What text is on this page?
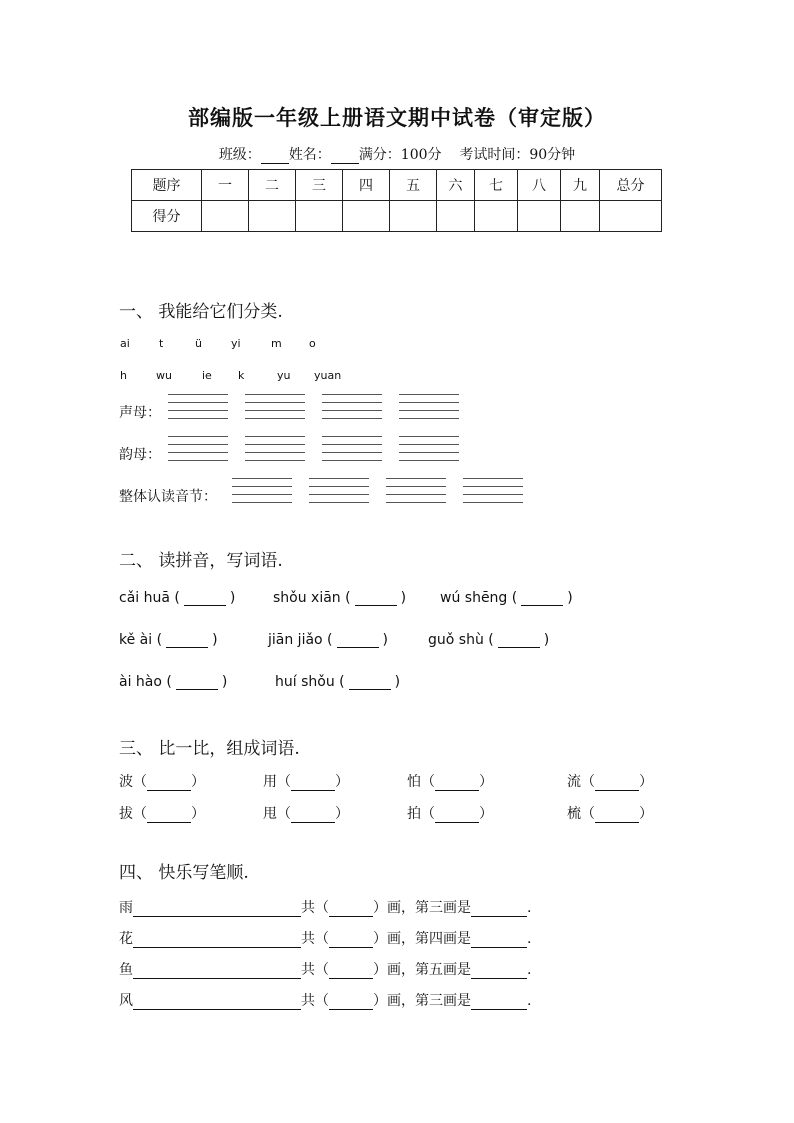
部编版一年级上册语文期中试卷（审定版）
班级： 姓名： 满分：100分 考试时间：90分钟
题序	一	二	三	四	五	六	七	八	九	总分
得分										
一、 我能给它们分类.
ai	t	ü	yi	m o
h	wu	ie k	yu yuan
声母：
韵母：
整体认读音节：
二、 读拼音，写词语.
cǎi huā (	)	shǒu xiān (	) wú shēng (	)
kě ài (	)	jiān jiǎo (	)	guǒ shù (	)
ài hào (	)	huí shǒu (	)
三、 比一比，组成词语.
波（	）	用（	）	怕（	）	流（	）
拔（	）	甩（	）	拍（	）	梳（	）
四、 快乐写笔顺.
雨	共（	）画，第三画是	.
花	共（	）画，第四画是	.
鱼	共（	）画，第五画是	.
风	共（	）画，第三画是	.
